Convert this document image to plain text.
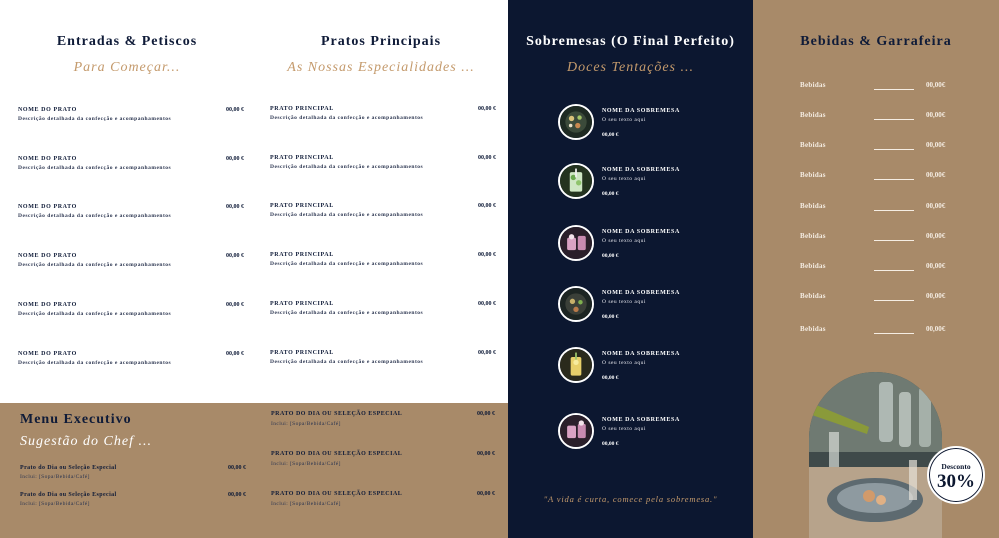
Entradas & Petiscos
Para Começar...
NOME DO PRATO
Descrição detalhada da confecção e acompanhamentos
00,00 €
NOME DO PRATO
Descrição detalhada da confecção e acompanhamentos
00,00 €
NOME DO PRATO
Descrição detalhada da confecção e acompanhamentos
00,00 €
NOME DO PRATO
Descrição detalhada da confecção e acompanhamentos
00,00 €
NOME DO PRATO
Descrição detalhada da confecção e acompanhamentos
00,00 €
NOME DO PRATO
Descrição detalhada da confecção e acompanhamentos
00,00 €
Pratos Principais
As Nossas Especialidades ...
PRATO PRINCIPAL
Descrição detalhada da confecção e acompanhamentos
00,00 €
PRATO PRINCIPAL
Descrição detalhada da confecção e acompanhamentos
00,00 €
PRATO PRINCIPAL
Descrição detalhada da confecção e acompanhamentos
00,00 €
PRATO PRINCIPAL
Descrição detalhada da confecção e acompanhamentos
00,00 €
PRATO PRINCIPAL
Descrição detalhada da confecção e acompanhamentos
00,00 €
PRATO PRINCIPAL
Descrição detalhada da confecção e acompanhamentos
00,00 €
Sobremesas (O Final Perfeito)
Doces Tentações ...
NOME DA SOBREMESA
O seu texto aqui
00,00 €
NOME DA SOBREMESA
O seu texto aqui
00,00 €
NOME DA SOBREMESA
O seu texto aqui
00,00 €
NOME DA SOBREMESA
O seu texto aqui
00,00 €
NOME DA SOBREMESA
O seu texto aqui
00,00 €
NOME DA SOBREMESA
O seu texto aqui
00,00 €
"A vida é curta, comece pela sobremesa."
Bebidas & Garrafeira
Bebidas	00,00€
Bebidas	00,00€
Bebidas	00,00€
Bebidas	00,00€
Bebidas	00,00€
Bebidas	00,00€
Bebidas	00,00€
Bebidas	00,00€
Bebidas	00,00€
Desconto
30%
Menu Executivo
Sugestão do Chef ...
Prato do Dia ou Seleção Especial
Inclui: [Sopa/Bebida/Café]
00,00 €
Prato do Dia ou Seleção Especial
Inclui: [Sopa/Bebida/Café]
00,00 €
PRATO DO DIA OU SELEÇÃO ESPECIAL
Inclui: [Sopa/Bebida/Café]
00,00 €
PRATO DO DIA OU SELEÇÃO ESPECIAL
Inclui: [Sopa/Bebida/Café]
00,00 €
PRATO DO DIA OU SELEÇÃO ESPECIAL
Inclui: [Sopa/Bebida/Café]
00,00 €
